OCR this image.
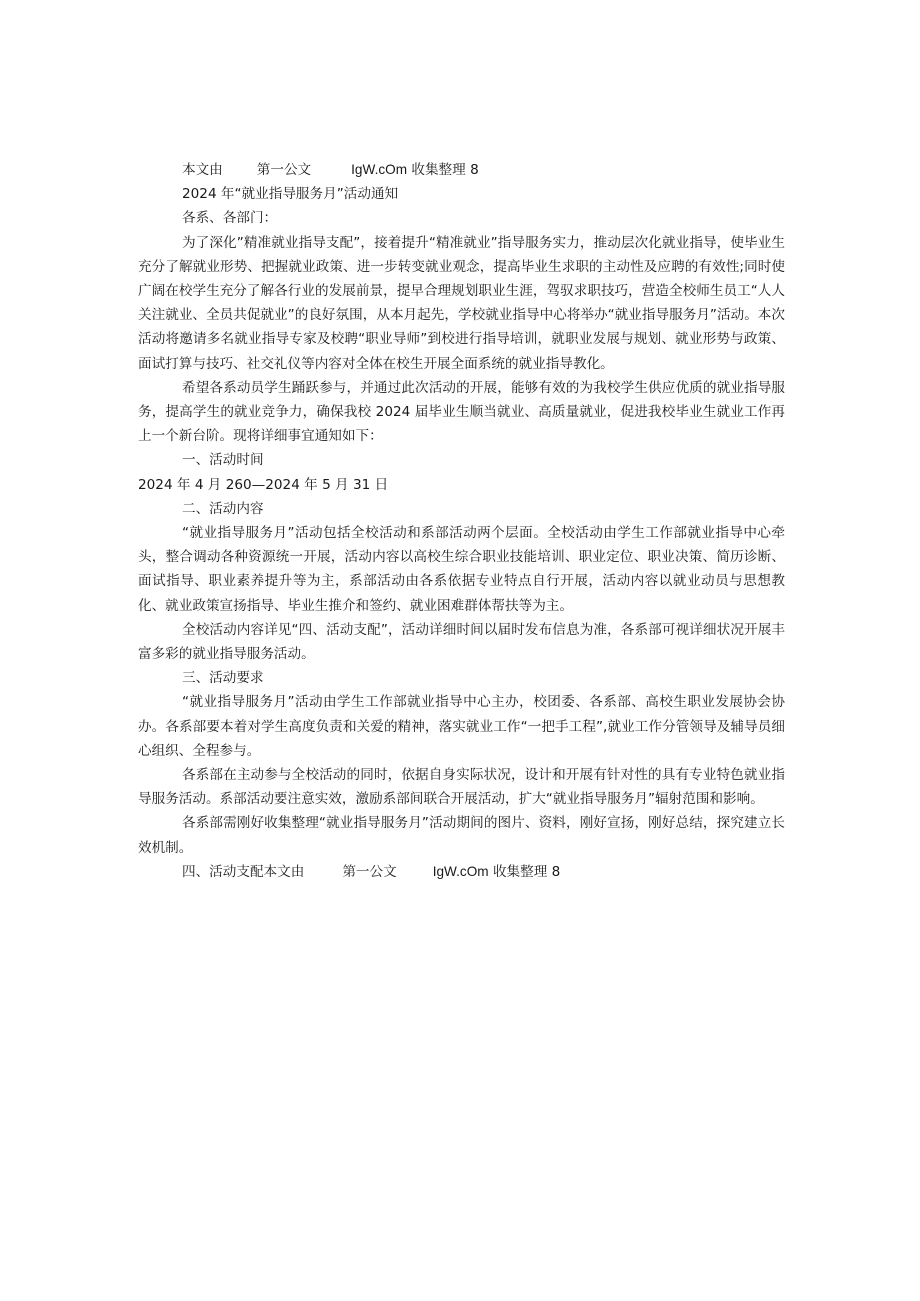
本文由	第一公文	IgW.cOm 收集整理 8

2024 年“就业指导服务月”活动通知

各系、各部门：

为了深化”精准就业指导支配”，接着提升“精准就业”指导服务实力，推动层次化就业指导，使毕业生充分了解就业形势、把握就业政策、进一步转变就业观念，提高毕业生求职的主动性及应聘的有效性;同时使广阔在校学生充分了解各行业的发展前景，提早合理规划职业生涯，驾驭求职技巧，营造全校师生员工“人人关注就业、全员共促就业”的良好氛围，从本月起先，学校就业指导中心将举办“就业指导服务月”活动。本次活动将邀请多名就业指导专家及校聘“职业导师”到校进行指导培训，就职业发展与规划、就业形势与政策、面试打算与技巧、社交礼仪等内容对全体在校生开展全面系统的就业指导教化。

希望各系动员学生踊跃参与，并通过此次活动的开展，能够有效的为我校学生供应优质的就业指导服务，提高学生的就业竞争力，确保我校 2024 届毕业生顺当就业、高质量就业，促进我校毕业生就业工作再上一个新台阶。现将详细事宜通知如下：

一、活动时间

2024 年 4 月 260—2024 年 5 月 31 日

二、活动内容

“就业指导服务月”活动包括全校活动和系部活动两个层面。全校活动由学生工作部就业指导中心牵头，整合调动各种资源统一开展，活动内容以高校生综合职业技能培训、职业定位、职业决策、简历诊断、面试指导、职业素养提升等为主，系部活动由各系依据专业特点自行开展，活动内容以就业动员与思想教化、就业政策宣扬指导、毕业生推介和签约、就业困难群体帮扶等为主。

全校活动内容详见“四、活动支配”，活动详细时间以届时发布信息为准，各系部可视详细状况开展丰富多彩的就业指导服务活动。

三、活动要求

“就业指导服务月”活动由学生工作部就业指导中心主办，校团委、各系部、高校生职业发展协会协办。各系部要本着对学生高度负责和关爱的精神，落实就业工作“一把手工程”,就业工作分管领导及辅导员细心组织、全程参与。

各系部在主动参与全校活动的同时，依据自身实际状况，设计和开展有针对性的具有专业特色就业指导服务活动。系部活动要注意实效，激励系部间联合开展活动，扩大“就业指导服务月”辐射范围和影响。

各系部需刚好收集整理“就业指导服务月”活动期间的图片、资料，刚好宣扬，刚好总结，探究建立长效机制。

四、活动支配本文由	第一公文	IgW.cOm 收集整理 8
